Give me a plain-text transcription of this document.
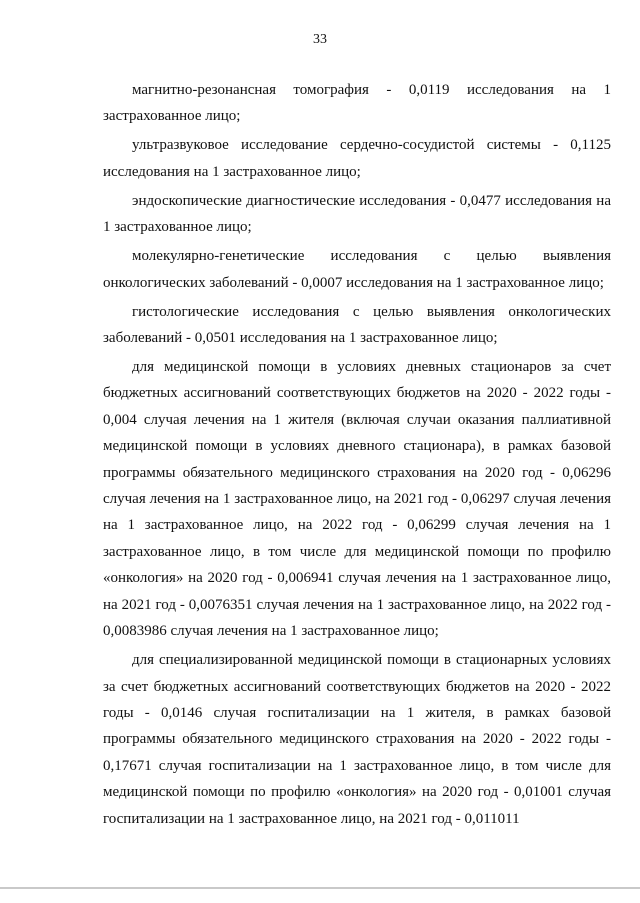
33

магнитно-резонансная томография - 0,0119 исследования на 1 застрахованное лицо;

ультразвуковое исследование сердечно-сосудистой системы - 0,1125 исследования на 1 застрахованное лицо;

эндоскопические диагностические исследования - 0,0477 исследования на 1 застрахованное лицо;

молекулярно-генетические исследования с целью выявления онкологических заболеваний - 0,0007 исследования на 1 застрахованное лицо;

гистологические исследования с целью выявления онкологических заболеваний - 0,0501 исследования на 1 застрахованное лицо;

для медицинской помощи в условиях дневных стационаров за счет бюджетных ассигнований соответствующих бюджетов на 2020 - 2022 годы - 0,004 случая лечения на 1 жителя (включая случаи оказания паллиативной медицинской помощи в условиях дневного стационара), в рамках базовой программы обязательного медицинского страхования на 2020 год - 0,06296 случая лечения на 1 застрахованное лицо, на 2021 год - 0,06297 случая лечения на 1 застрахованное лицо, на 2022 год - 0,06299 случая лечения на 1 застрахованное лицо, в том числе для медицинской помощи по профилю «онкология» на 2020 год - 0,006941 случая лечения на 1 застрахованное лицо, на 2021 год - 0,0076351 случая лечения на 1 застрахованное лицо, на 2022 год - 0,0083986 случая лечения на 1 застрахованное лицо;

для специализированной медицинской помощи в стационарных условиях за счет бюджетных ассигнований соответствующих бюджетов на 2020 - 2022 годы - 0,0146 случая госпитализации на 1 жителя, в рамках базовой программы обязательного медицинского страхования на 2020 - 2022 годы - 0,17671 случая госпитализации на 1 застрахованное лицо, в том числе для медицинской помощи по профилю «онкология» на 2020 год - 0,01001 случая госпитализации на 1 застрахованное лицо, на 2021 год - 0,011011
